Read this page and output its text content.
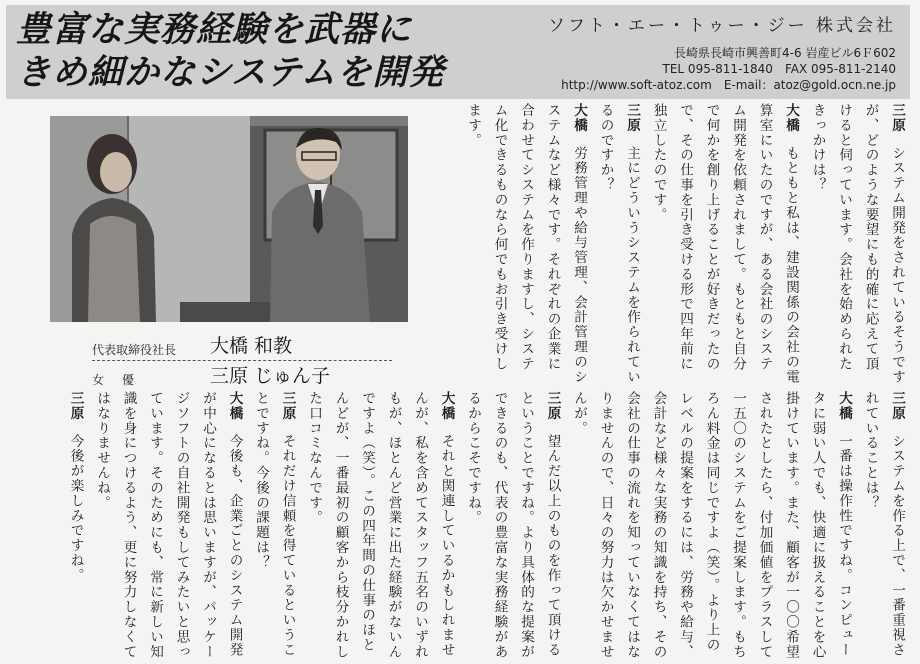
豊富な実務経験を武器に
きめ細かなシステムを開発
ソフト・エー・トゥー・ジー 株式会社
長崎県長崎市興善町4-6 岩産ビル6Ｆ602
TEL 095-811-1840 FAX 095-811-2140
http://www.soft-atoz.com E-mail：atoz@gold.ocn.ne.jp
代表取締役社長	大橋 和教
女優	三原 じゅん子

三原システム開発をされているそうですが、どのような要望にも的確に応えて頂けると伺っています。会社を始められたきっかけは？

大橋もともと私は、建設関係の会社の電算室にいたのですが、ある会社のシステム開発を依頼されまして。もともと自分で何かを創り上げることが好きだったので、その仕事を引き受ける形で四年前に独立したのです。

三原主にどういうシステムを作られているのですか？

大橋労務管理や給与管理、会計管理のシステムなど様々です。それぞれの企業に合わせてシステムを作りますし、システム化できるものなら何でもお引き受けします。

三原システムを作る上で、一番重視されていることは？

大橋一番は操作性ですね。コンピュータに弱い人でも、快適に扱えることを心掛けています。また、顧客が一〇〇希望されたとしたら、付加価値をプラスして一五〇のシステムをご提案します。もちろん料金は同じですよ（笑）。より上のレベルの提案をするには、労務や給与、会計など様々な実務の知識を持ち、その会社の仕事の流れを知っていなくてはなりませんので、日々の努力は欠かせませんが。

三原望んだ以上のものを作って頂けるということですね。より具体的な提案ができるのも、代表の豊富な実務経験があるからこそですね。

大橋それと関連しているかもしれませんが、私を含めてスタッフ五名のいずれもが、ほとんど営業に出た経験がないんですよ（笑）。この四年間の仕事のほとんどが、一番最初の顧客から枝分かれした口コミなんです。

三原それだけ信頼を得ているということですね。今後の課題は？

大橋今後も、企業ごとのシステム開発が中心になるとは思いますが、パッケージソフトの自社開発もしてみたいと思っています。そのためにも、常に新しい知識を身につけるよう、更に努力しなくてはなりませんね。

三原今後が楽しみですね。
